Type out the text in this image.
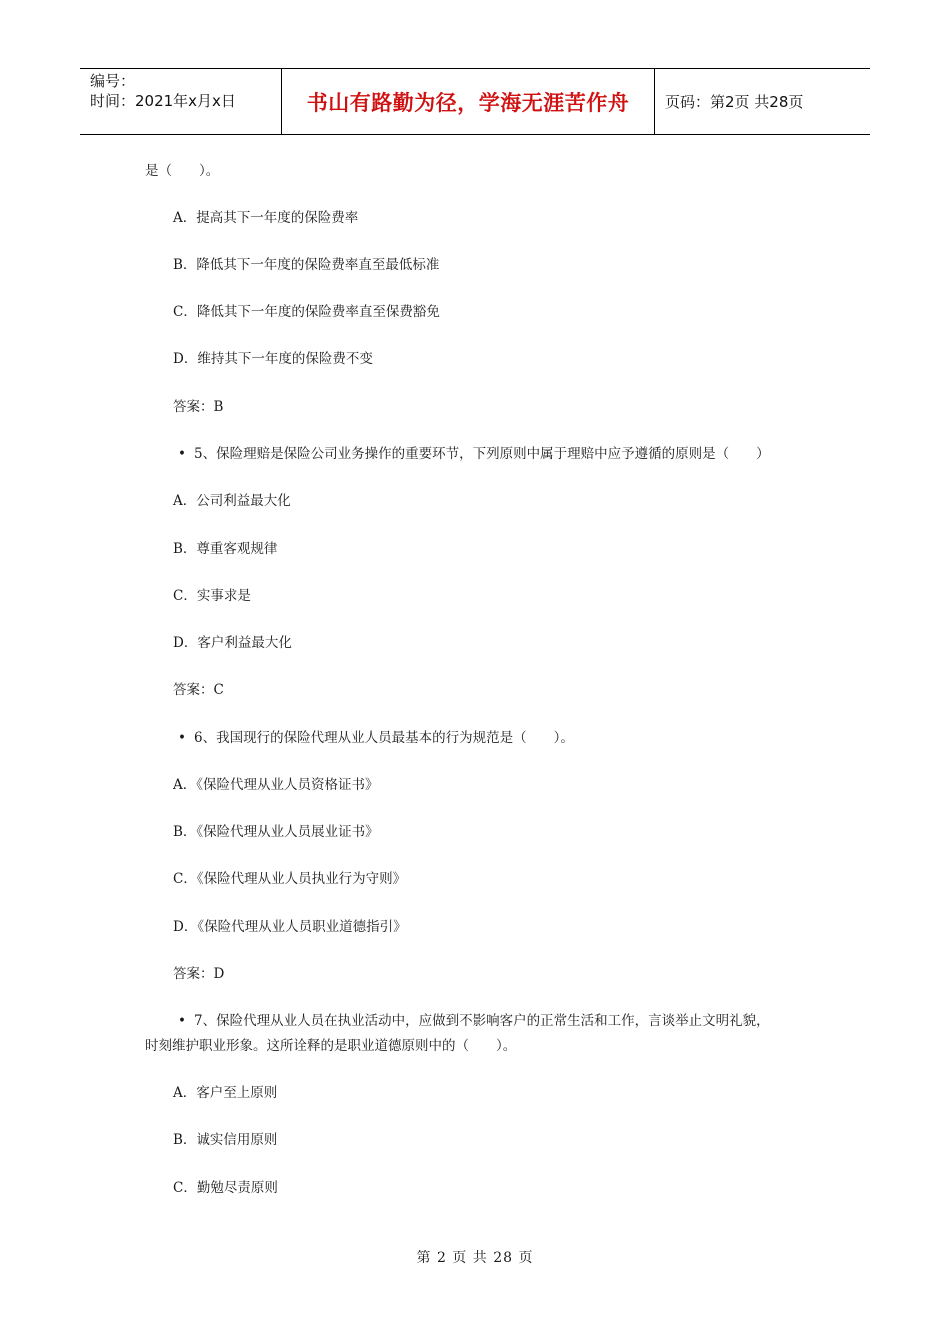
编号：
时间：2021年x月x日	书山有路勤为径，学海无涯苦作舟	页码：第2页 共28页
是（　　）。
A．提高其下一年度的保险费率
B．降低其下一年度的保险费率直至最低标准
C．降低其下一年度的保险费率直至保费豁免
D．维持其下一年度的保险费不变
答案：B
• 5、保险理赔是保险公司业务操作的重要环节，下列原则中属于理赔中应予遵循的原则是（　　）
A．公司利益最大化
B．尊重客观规律
C．实事求是
D．客户利益最大化
答案：C
• 6、我国现行的保险代理从业人员最基本的行为规范是（　　）。
A．《保险代理从业人员资格证书》
B．《保险代理从业人员展业证书》
C．《保险代理从业人员执业行为守则》
D．《保险代理从业人员职业道德指引》
答案：D
• 7、保险代理从业人员在执业活动中，应做到不影响客户的正常生活和工作，言谈举止文明礼貌，
时刻维护职业形象。这所诠释的是职业道德原则中的（　　）。
A．客户至上原则
B．诚实信用原则
C．勤勉尽责原则
第 2 页 共 28 页
